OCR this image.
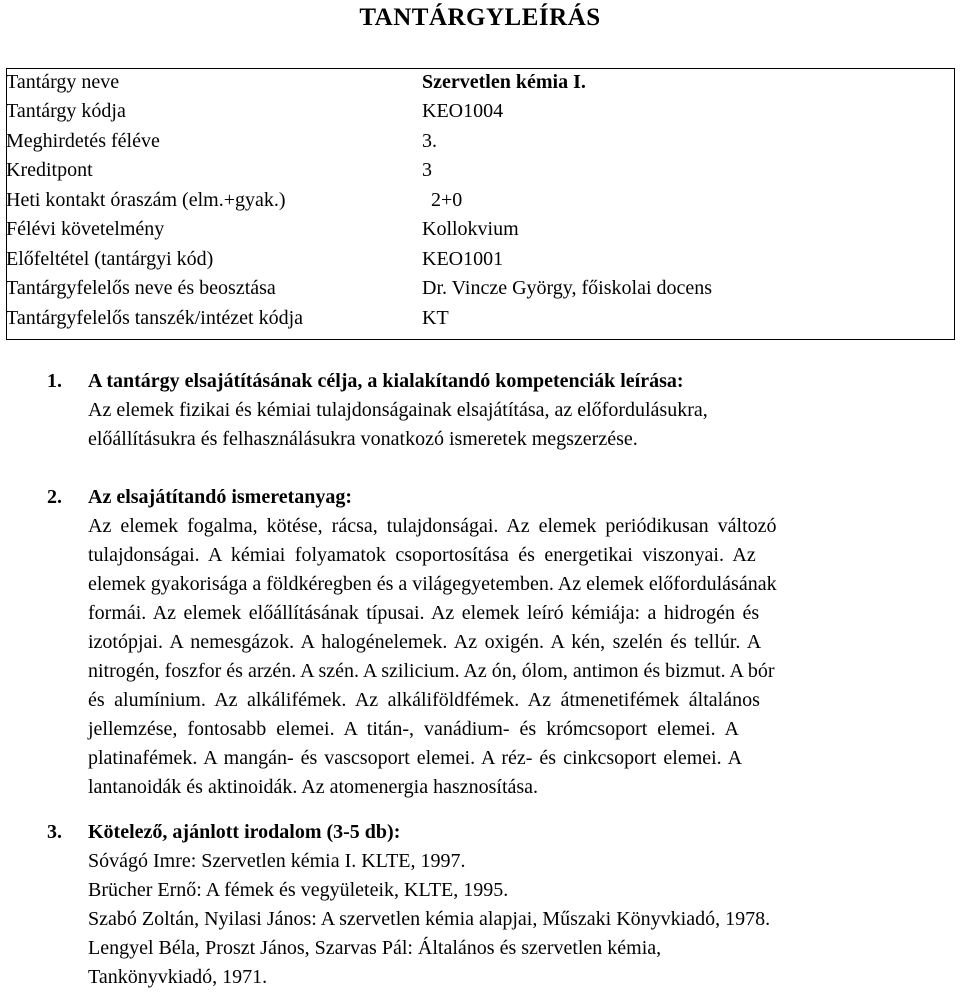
TANTÁRGYLEÍRÁS
Tantárgy neve	Szervetlen kémia I.
Tantárgy kódja	KEO1004
Meghirdetés féléve	3.
Kreditpont	3
Heti kontakt óraszám (elm.+gyak.)	2+0
Félévi követelmény	Kollokvium
Előfeltétel (tantárgyi kód)	KEO1001
Tantárgyfelelős neve és beosztása	Dr. Vincze György, főiskolai docens
Tantárgyfelelős tanszék/intézet kódja	KT
1. A tantárgy elsajátításának célja, a kialakítandó kompetenciák leírása:
Az elemek fizikai és kémiai tulajdonságainak elsajátítása, az előfordulásukra,
előállításukra és felhasználásukra vonatkozó ismeretek megszerzése.
2. Az elsajátítandó ismeretanyag:
Az elemek fogalma, kötése, rácsa, tulajdonságai. Az elemek periódikusan változó
tulajdonságai. A kémiai folyamatok csoportosítása és energetikai viszonyai. Az
elemek gyakorisága a földkéregben és a világegyetemben. Az elemek előfordulásának
formái. Az elemek előállításának típusai. Az elemek leíró kémiája: a hidrogén és
izotópjai. A nemesgázok. A halogénelemek. Az oxigén. A kén, szelén és tellúr. A
nitrogén, foszfor és arzén. A szén. A szilicium. Az ón, ólom, antimon és bizmut. A bór
és alumínium. Az alkálifémek. Az alkáliföldfémek. Az átmenetifémek általános
jellemzése, fontosabb elemei. A titán-, vanádium- és krómcsoport elemei. A
platinafémek. A mangán- és vascsoport elemei. A réz- és cinkcsoport elemei. A
lantanoidák és aktinoidák. Az atomenergia hasznosítása.
3. Kötelező, ajánlott irodalom (3-5 db):
Sóvágó Imre: Szervetlen kémia I. KLTE, 1997.
Brücher Ernő: A fémek és vegyületeik, KLTE, 1995.
Szabó Zoltán, Nyilasi János: A szervetlen kémia alapjai, Műszaki Könyvkiadó, 1978.
Lengyel Béla, Proszt János, Szarvas Pál: Általános és szervetlen kémia,
Tankönyvkiadó, 1971.
